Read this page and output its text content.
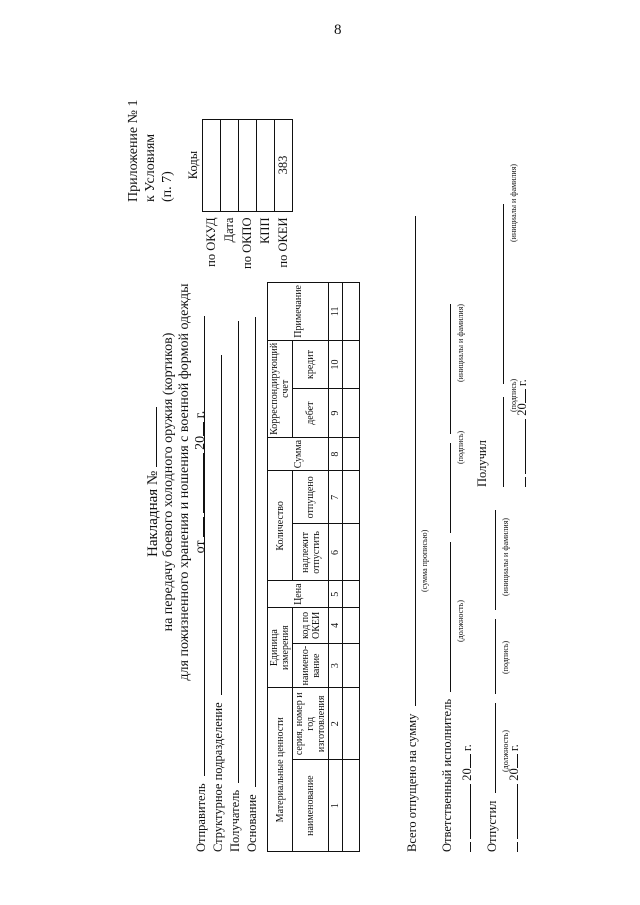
8
Приложение № 1 к Условиям (п. 7)
Накладная № на передачу боевого холодного оружия (кортиков) для пожизненного хранения и ношения с военной формой одежды от   20 г.
	Коды
по ОКУД	
Дата	
по ОКПО	
КПП	
по ОКЕИ	383
Отправитель Структурное подразделение Получатель Основание
Материальные ценности		Единица измерения		Цена	Количество		Сумма	Корреспондирующий счет		Примечание
наименование	серия, номер и год изготовления	наимено-вание	код по ОКЕИ		надлежит отпустить	отпущено		дебет	кредит	
1	2	3	4	5	6	7	8	9	10	11

Всего отпущено на сумму
(сумма прописью)
Ответственный исполнитель
(должность)
(подпись)
(инициалы и фамилия)
20 г.
Отпустил
(должность)
(подпись)
(инициалы и фамилия)
20 г.
Получил

(подпись)
(инициалы и фамилия)
20 г.
